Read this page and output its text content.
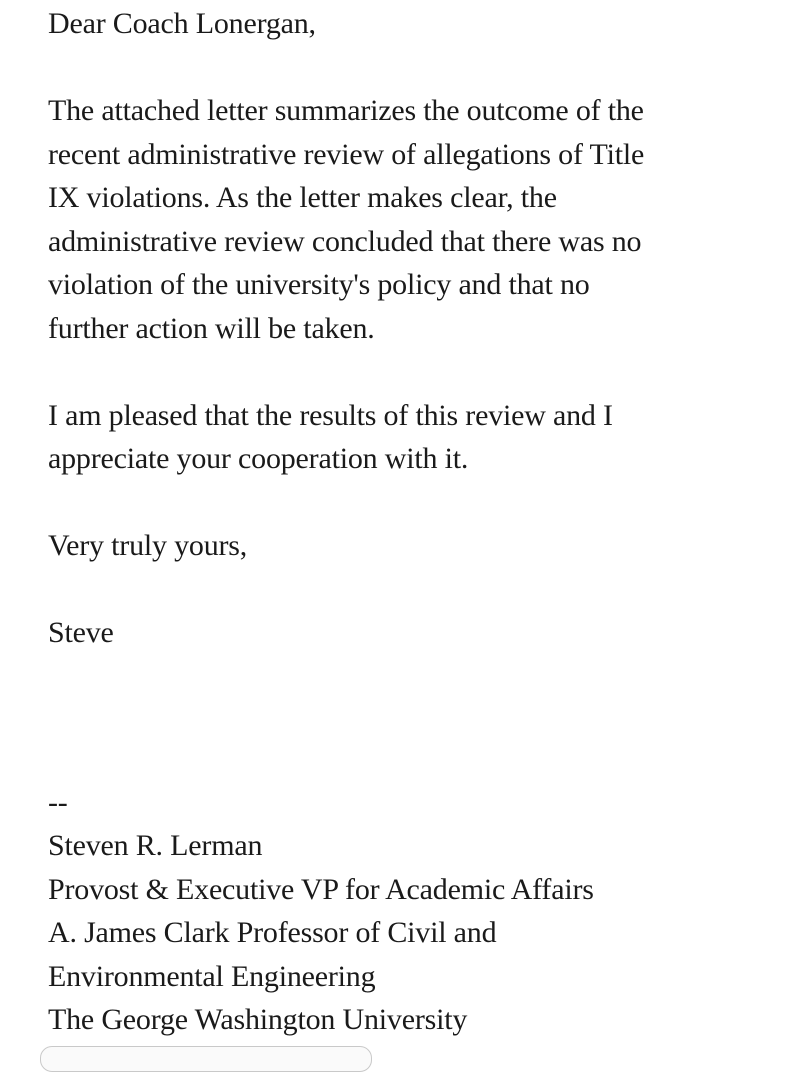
Dear Coach Lonergan,
The attached letter summarizes the outcome of the
recent administrative review of allegations of Title
IX violations. As the letter makes clear, the
administrative review concluded that there was no
violation of the university's policy and that no
further action will be taken.
I am pleased that the results of this review and I
appreciate your cooperation with it.
Very truly yours,
Steve
--
Steven R. Lerman
Provost & Executive VP for Academic Affairs
A. James Clark Professor of Civil and
Environmental Engineering
The George Washington University
